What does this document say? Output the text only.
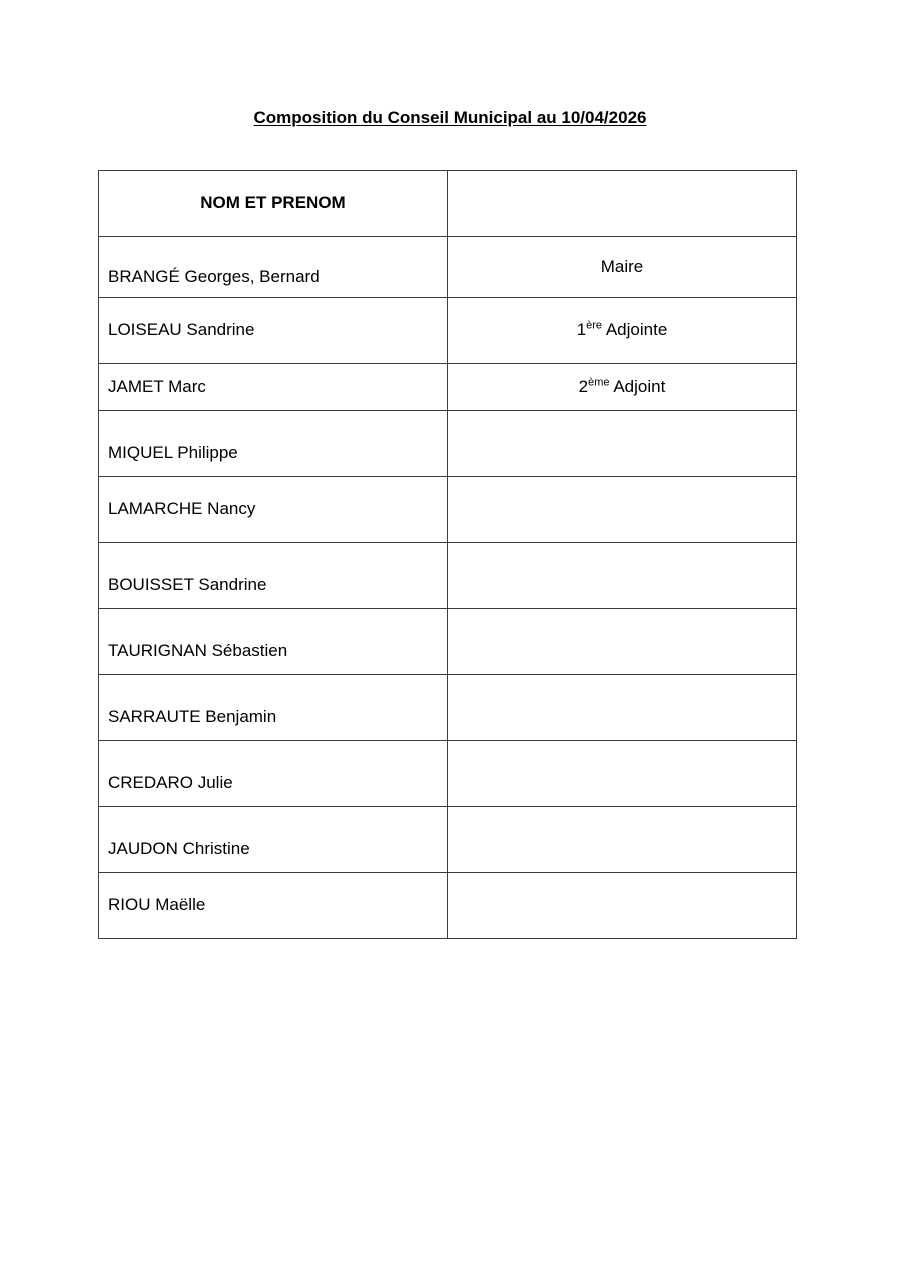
Composition du Conseil Municipal au 10/04/2026
NOM ET PRENOM	

BRANGÉ Georges, Bernard	Maire

LOISEAU Sandrine	1ère Adjointe

JAMET Marc	2ème Adjoint

MIQUEL Philippe	

LAMARCHE Nancy	

BOUISSET Sandrine	

TAURIGNAN Sébastien	

SARRAUTE Benjamin	

CREDARO Julie	

JAUDON Christine	

RIOU Maëlle	
